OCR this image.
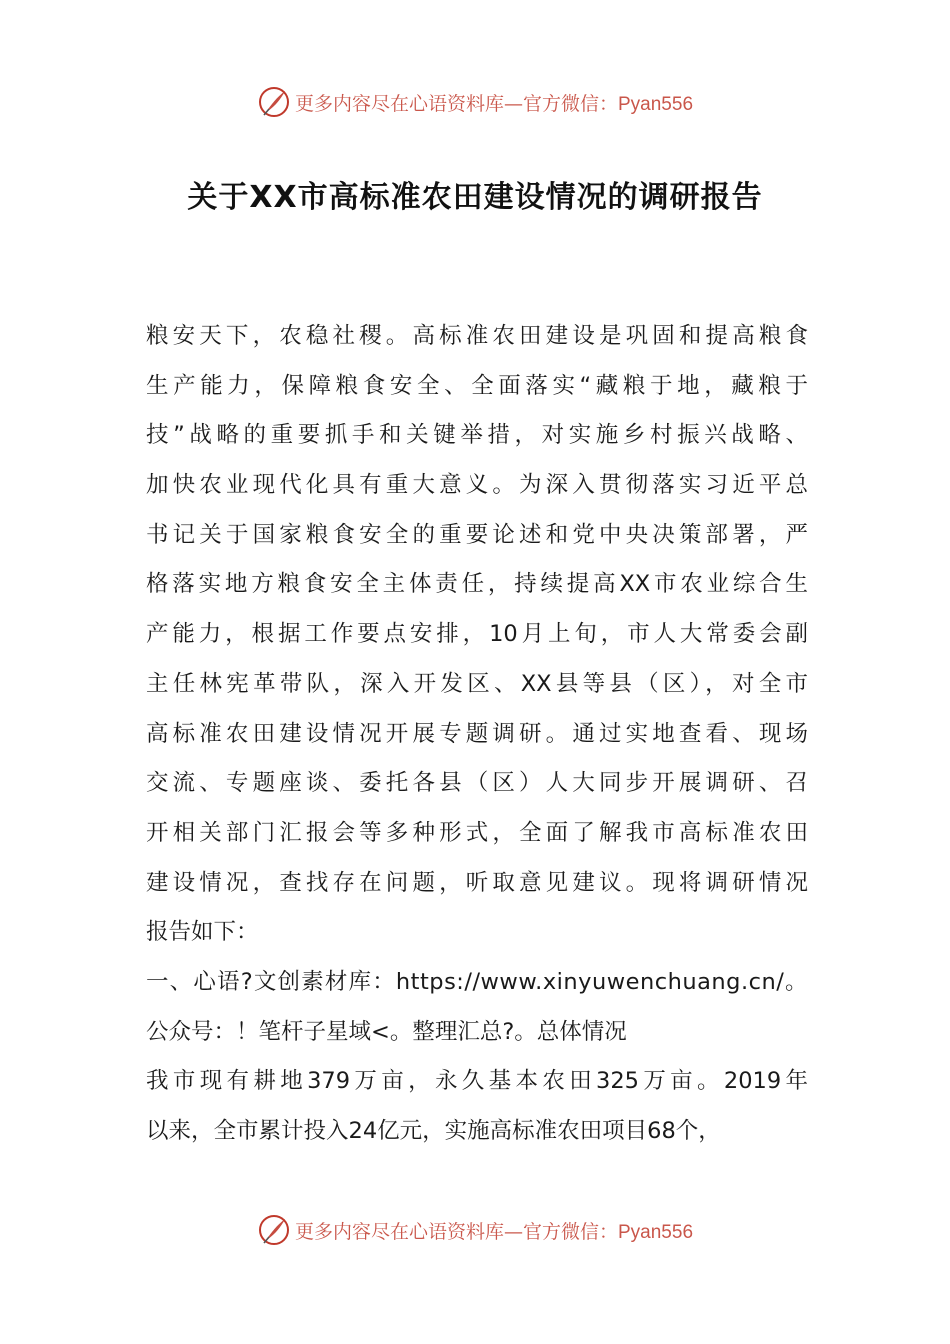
更多内容尽在心语资料库—官方微信：Pyan556
关于XX市高标准农田建设情况的调研报告
粮安天下，农稳社稷。高标准农田建设是巩固和提高粮食
生产能力，保障粮食安全、全面落实“藏粮于地，藏粮于
技”战略的重要抓手和关键举措，对实施乡村振兴战略、
加快农业现代化具有重大意义。为深入贯彻落实习近平总
书记关于国家粮食安全的重要论述和党中央决策部署，严
格落实地方粮食安全主体责任，持续提高XX市农业综合生
产能力，根据工作要点安排，10月上旬，市人大常委会副
主任林宪革带队，深入开发区、XX县等县（区），对全市
高标准农田建设情况开展专题调研。通过实地查看、现场
交流、专题座谈、委托各县（区）人大同步开展调研、召
开相关部门汇报会等多种形式，全面了解我市高标准农田
建设情况，查找存在问题，听取意见建议。现将调研情况
报告如下：
一、心语?文创素材库：https://www.xinyuwenchuang.cn/。
公众号：！笔杆子星域<。整理汇总?。总体情况
我市现有耕地379万亩，永久基本农田325万亩。2019年
以来，全市累计投入24亿元，实施高标准农田项目68个，
更多内容尽在心语资料库—官方微信：Pyan556
